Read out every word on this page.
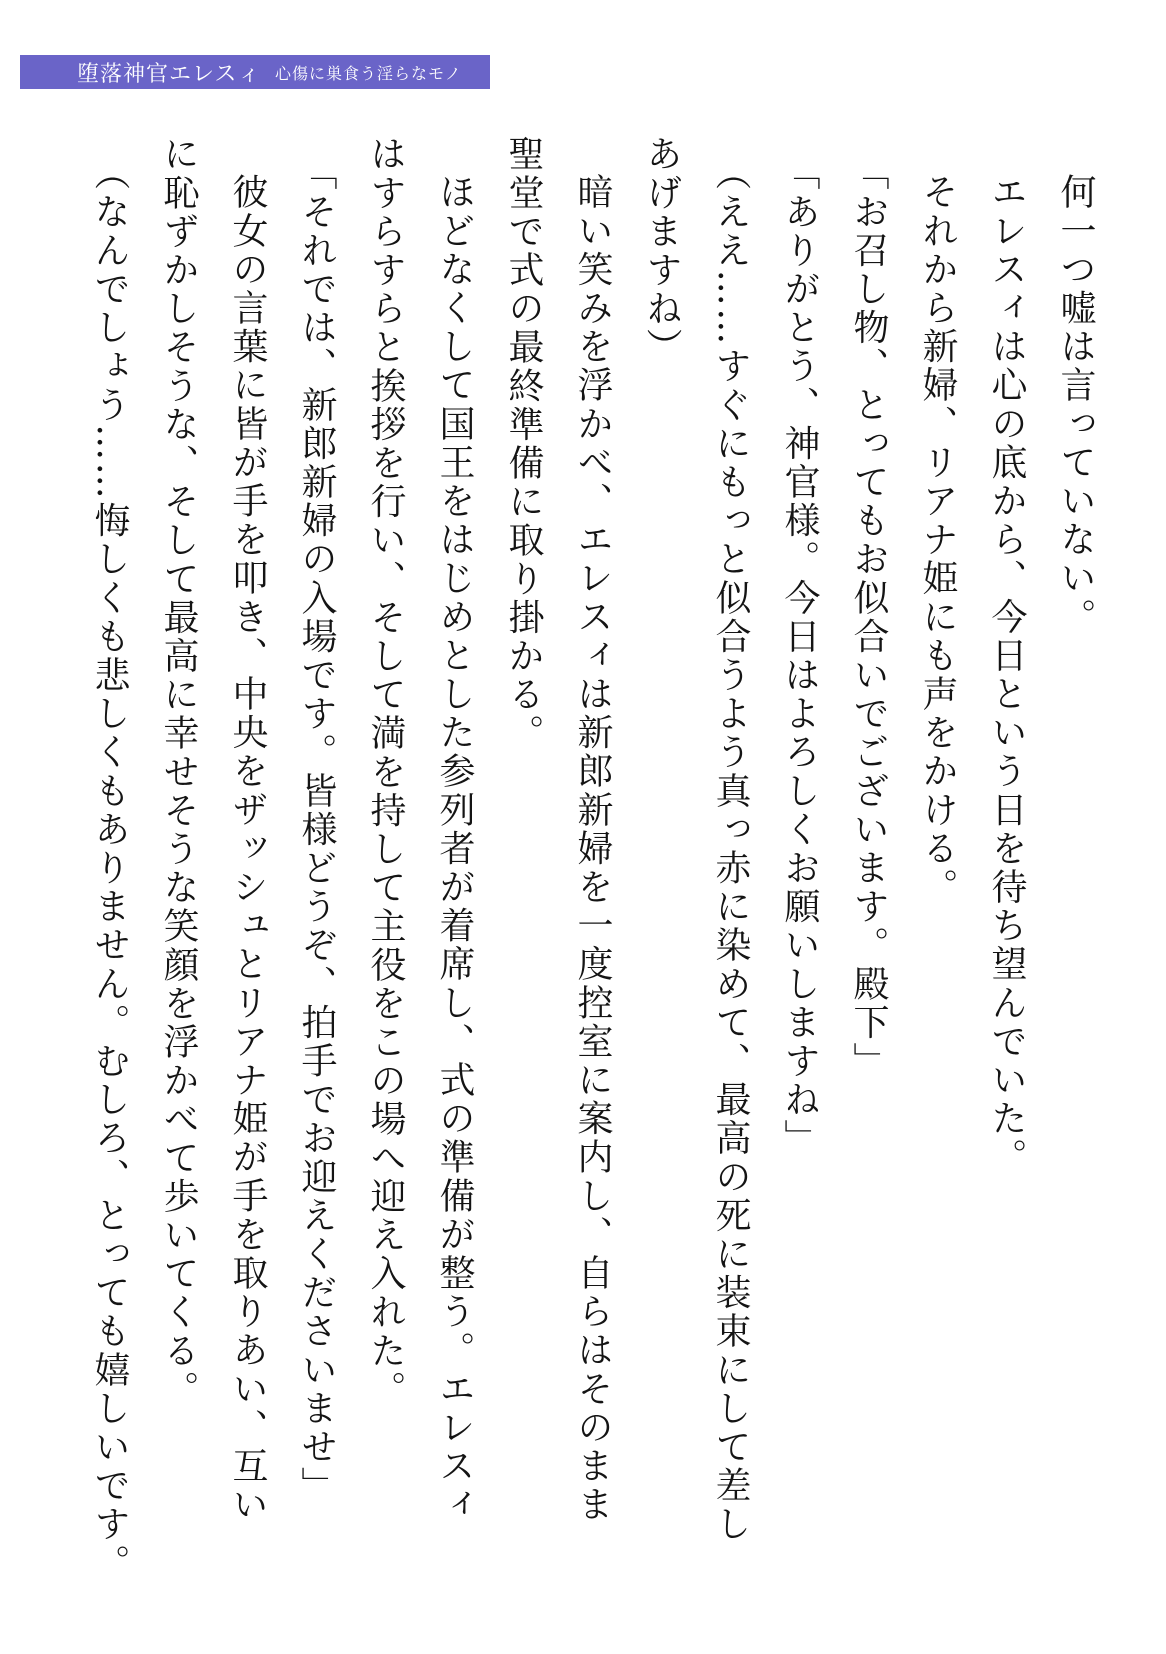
堕落神官エレスィ 心傷に巣食う淫らなモノ
何一つ嘘は言っていない。
エレスィは心の底から、今日という日を待ち望んでいた。
それから新婦、リアナ姫にも声をかける。
「お召し物、とってもお似合いでございます。殿下」
「ありがとう、神官様。今日はよろしくお願いしますね」
（ええ……すぐにもっと似合うよう真っ赤に染めて、最高の死に装束にして差し
あげますね）
暗い笑みを浮かべ、エレスィは新郎新婦を一度控室に案内し、自らはそのまま
聖堂で式の最終準備に取り掛かる。
ほどなくして国王をはじめとした参列者が着席し、式の準備が整う。エレスィ
はすらすらと挨拶を行い、そして満を持して主役をこの場へ迎え入れた。
「それでは、新郎新婦の入場です。皆様どうぞ、拍手でお迎えくださいませ」
彼女の言葉に皆が手を叩き、中央をザッシュとリアナ姫が手を取りあい、互い
に恥ずかしそうな、そして最高に幸せそうな笑顔を浮かべて歩いてくる。
（なんでしょう……悔しくも悲しくもありません。むしろ、とっても嬉しいです。
